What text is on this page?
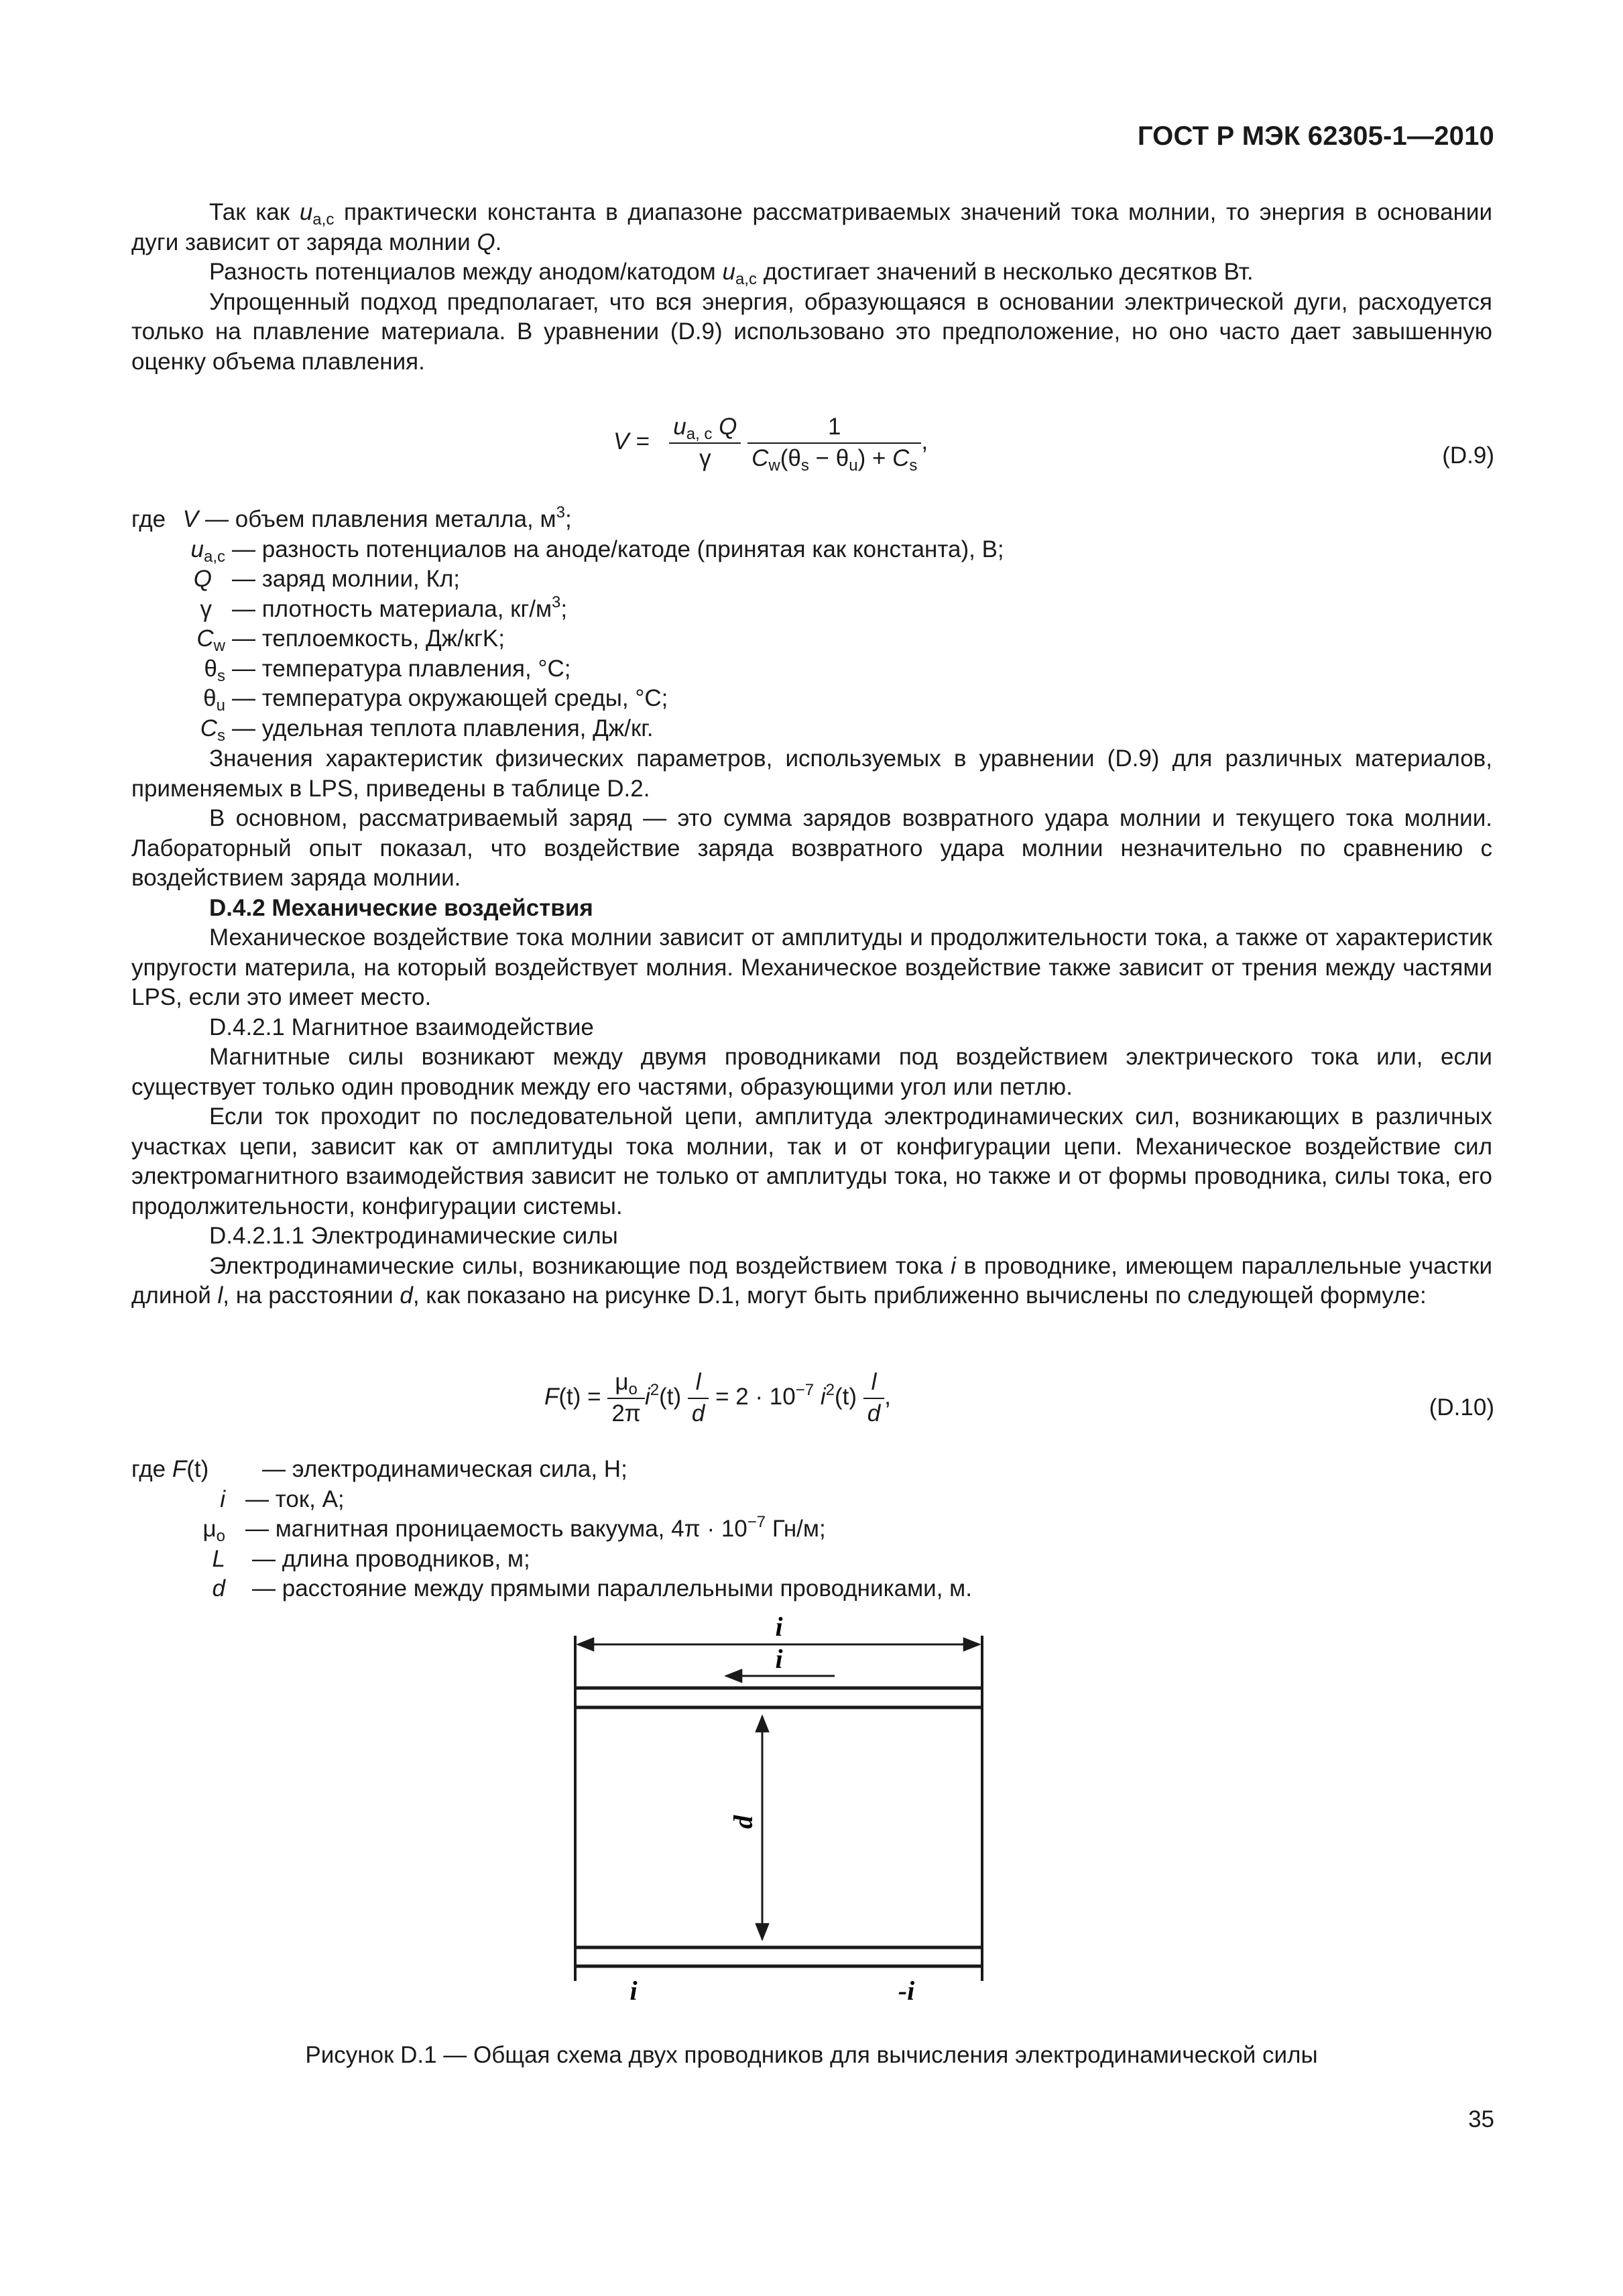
ГОСТ Р МЭК 62305-1—2010

Так как $u_{a,c}$ практически константа в диапазоне рассматриваемых значений тока молнии, то энергия в основании дуги зависит от заряда молнии Q.

Разность потенциалов между анодом/катодом $u_{a,c}$ достигает значений в несколько десятков Вт.

Упрощенный подход предполагает, что вся энергия, образующаяся в основании электрической дуги, расходуется только на плавление материала. В уравнении (D.9) использовано это предположение, но оно часто дает завышенную оценку объема плавления.

$V = \frac{u_{a, c} Q}{\gamma}$
$\frac{1}{C_w(\theta_s - \theta_u) + C_s}$ ,
(D.9)
где V — объем плавления металла, $м^3$;
$u_{a,c}$ — разность потенциалов на аноде/катоде (принятая как константа), В;
Q — заряд молнии, Кл;
γ — плотность материала, $кг/м^3$;
$C_w$ — теплоемкость, Дж/кгK;
$\theta_s$ — температура плавления, °С;
$\theta_u$ — температура окружающей среды, °С;
$C_s$ — удельная теплота плавления, Дж/кг.

Значения характеристик физических параметров, используемых в уравнении (D.9) для различных материалов, применяемых в LPS, приведены в таблице D.2.

В основном, рассматриваемый заряд — это сумма зарядов возвратного удара молнии и текущего тока молнии. Лабораторный опыт показал, что воздействие заряда возвратного удара молнии незначительно по сравнению с воздействием заряда молнии.

D.4.2 Механические воздействия

Механическое воздействие тока молнии зависит от амплитуды и продолжительности тока, а также от характеристик упругости материла, на который воздействует молния. Механическое воздействие также зависит от трения между частями LPS, если это имеет место.

D.4.2.1 Магнитное взаимодействие

Магнитные силы возникают между двумя проводниками под воздействием электрического тока или, если существует только один проводник между его частями, образующими угол или петлю.

Если ток проходит по последовательной цепи, амплитуда электродинамических сил, возникающих в различных участках цепи, зависит как от амплитуды тока молнии, так и от конфигурации цепи. Механическое воздействие сил электромагнитного взаимодействия зависит не только от амплитуды тока, но также и от формы проводника, силы тока, его продолжительности, конфигурации системы.

D.4.2.1.1 Электродинамические силы

Электродинамические силы, возникающие под воздействием тока i в проводнике, имеющем параллельные участки длиной l, на расстоянии d, как показано на рисунке D.1, могут быть приближенно вычислены по следующей формуле:

$F(t) = \frac{\mu_o}{2\pi} i^2(t) \frac{l}{d} = 2 \cdot 10^{-7}$ $i^2(t) \frac{l}{d}$ ,	(D.10)
где F(t) — электродинамическая сила, Н;
i — ток, А;
$\mu_o$ — магнитная проницаемость вакуума, $4\pi \cdot 10^{-7}$ Гн/м;
L — длина проводников, м;
d — расстояние между прямыми параллельными проводниками, м.
i
i
d
i	-i
Рисунок D.1 — Общая схема двух проводников для вычисления электродинамической силы
35
